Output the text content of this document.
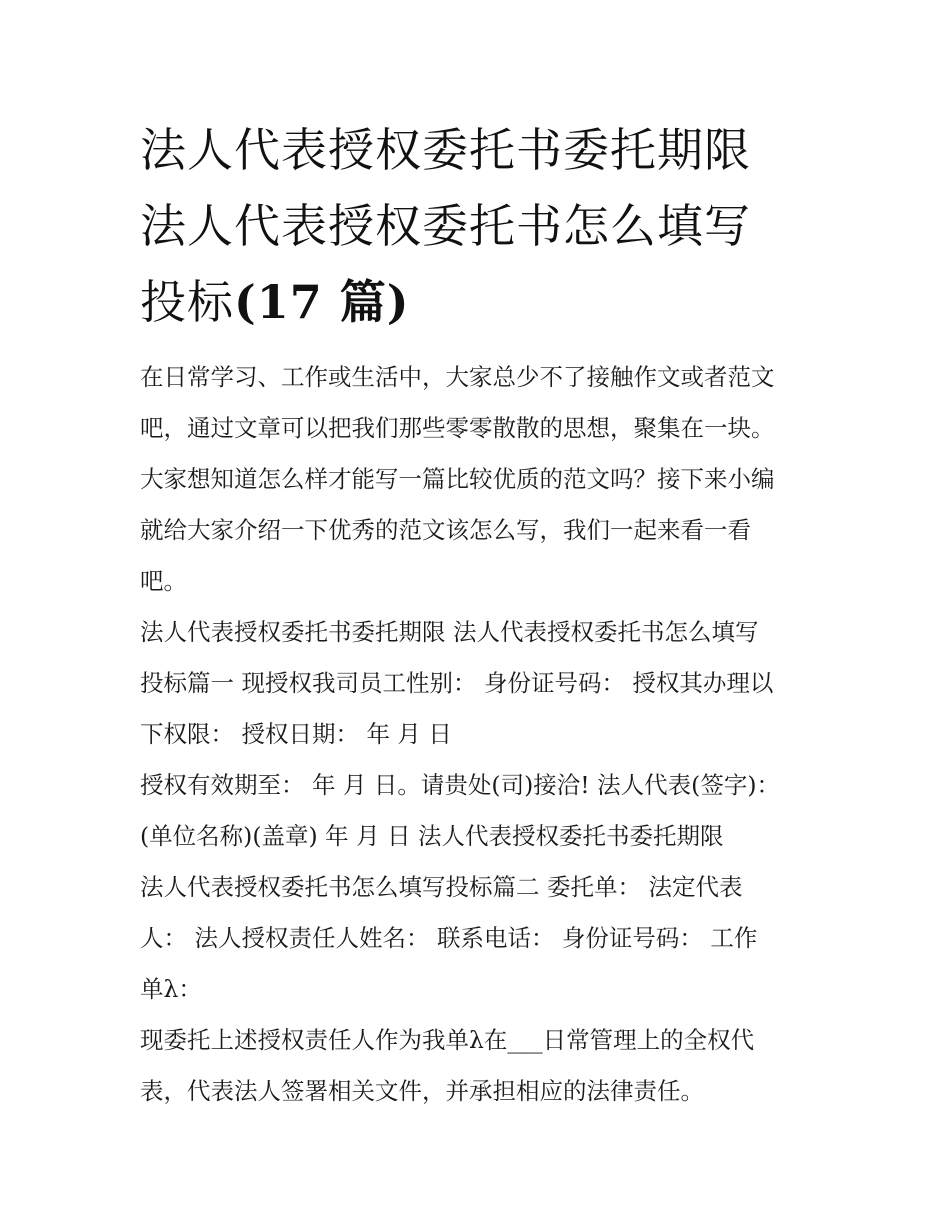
法人代表授权委托书委托期限
法人代表授权委托书怎么填写
投标(17 篇)
在日常学习、工作或生活中，大家总少不了接触作文或者范文
吧，通过文章可以把我们那些零零散散的思想，聚集在一块。
大家想知道怎么样才能写一篇比较优质的范文吗？接下来小编
就给大家介绍一下优秀的范文该怎么写，我们一起来看一看
吧。
法人代表授权委托书委托期限 法人代表授权委托书怎么填写
投标篇一 现授权我司员工性别： 身份证号码： 授权其办理以
下权限： 授权日期： 年 月 日
授权有效期至： 年 月 日。请贵处(司)接洽! 法人代表(签字)：
(单位名称)(盖章) 年 月 日 法人代表授权委托书委托期限
法人代表授权委托书怎么填写投标篇二 委托单： 法定代表
人： 法人授权责任人姓名： 联系电话： 身份证号码： 工作
单λ：
现委托上述授权责任人作为我单λ在___日常管理上的全权代
表，代表法人签署相关文件，并承担相应的法律责任。
